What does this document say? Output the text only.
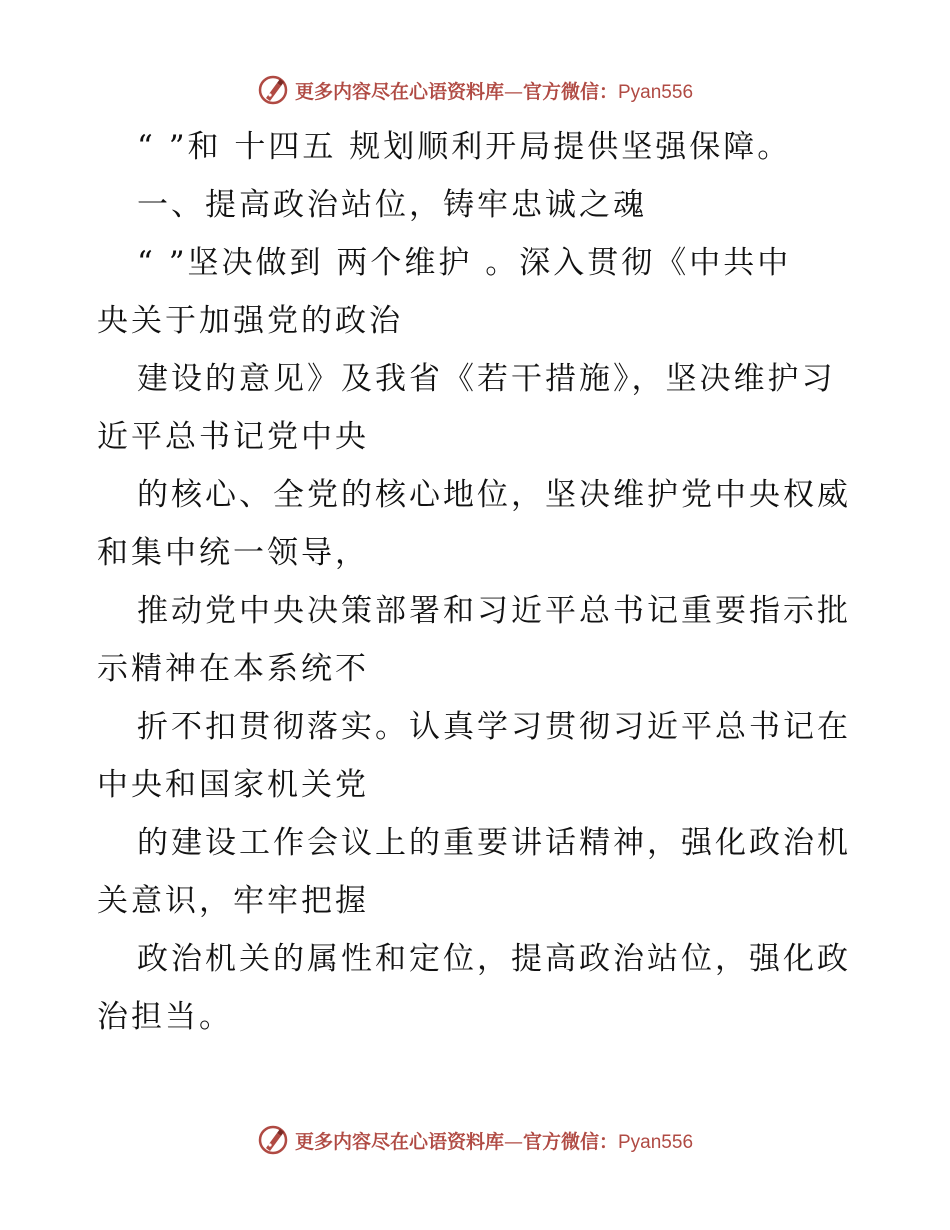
更多内容尽在心语资料库—官方微信：Pyan556
“ ”和 十四五 规划顺利开局提供坚强保障。
一、提高政治站位，铸牢忠诚之魂
“ ”坚决做到 两个维护 。深入贯彻《中共中
央关于加强党的政治
建设的意见》及我省《若干措施》，坚决维护习
近平总书记党中央
的核心、全党的核心地位，坚决维护党中央权威
和集中统一领导，
推动党中央决策部署和习近平总书记重要指示批
示精神在本系统不
折不扣贯彻落实。认真学习贯彻习近平总书记在
中央和国家机关党
的建设工作会议上的重要讲话精神，强化政治机
关意识，牢牢把握
政治机关的属性和定位，提高政治站位，强化政
治担当。
更多内容尽在心语资料库—官方微信：Pyan556
